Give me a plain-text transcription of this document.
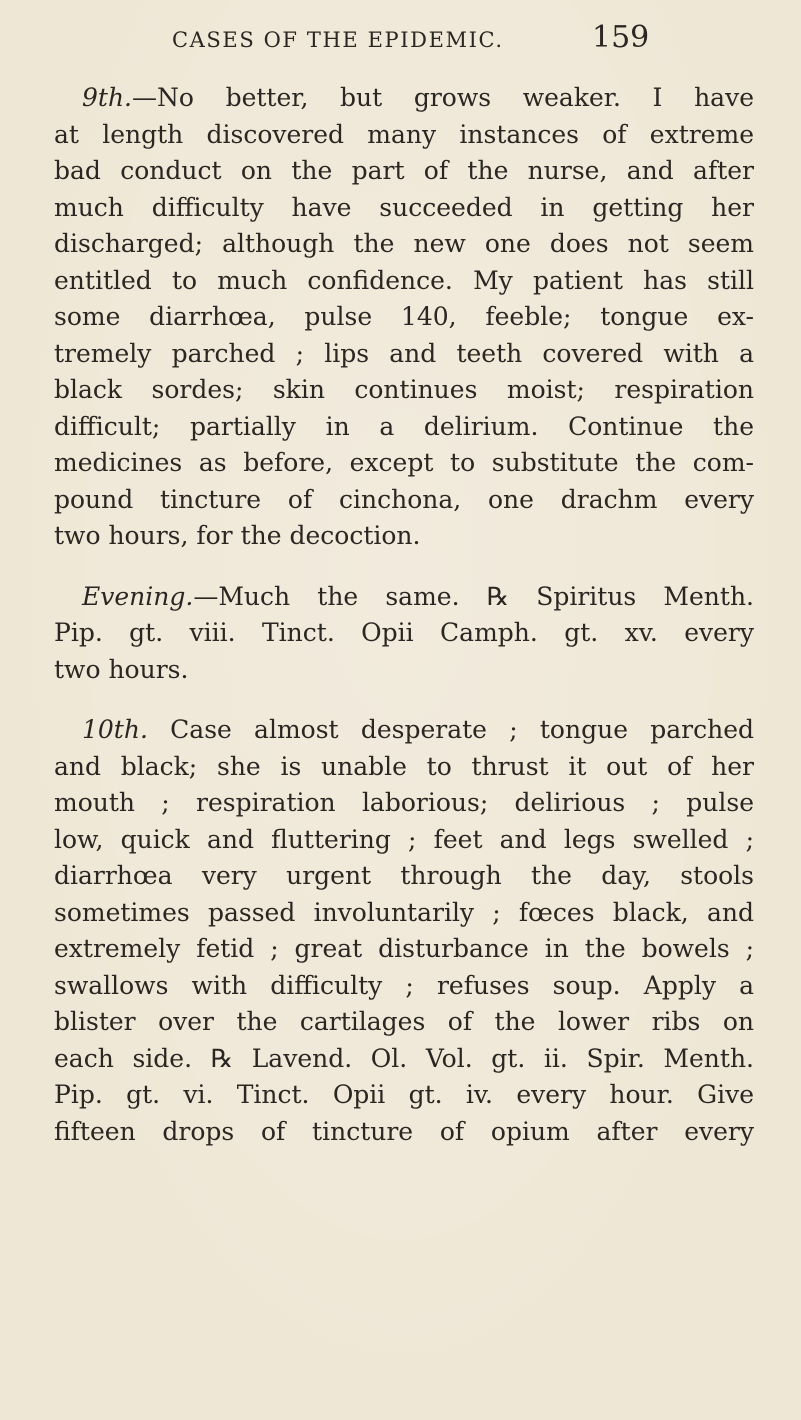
CASES OF THE EPIDEMIC.	159
9th.—No better, but grows weaker. I have
at length discovered many instances of extreme
bad conduct on the part of the nurse, and after
much difficulty have succeeded in getting her
discharged; although the new one does not seem
entitled to much confidence. My patient has still
some diarrhœa, pulse 140, feeble; tongue ex-
tremely parched ; lips and teeth covered with a
black sordes; skin continues moist; respiration
difficult; partially in a delirium. Continue the
medicines as before, except to substitute the com-
pound tincture of cinchona, one drachm every
two hours, for the decoction.
Evening.—Much the same. ℞ Spiritus Menth.
Pip. gt. viii. Tinct. Opii Camph. gt. xv. every
two hours.
10th. Case almost desperate ; tongue parched
and black; she is unable to thrust it out of her
mouth ; respiration laborious; delirious ; pulse
low, quick and fluttering ; feet and legs swelled ;
diarrhœa very urgent through the day, stools
sometimes passed involuntarily ; fœces black, and
extremely fetid ; great disturbance in the bowels ;
swallows with difficulty ; refuses soup. Apply a
blister over the cartilages of the lower ribs on
each side. ℞ Lavend. Ol. Vol. gt. ii. Spir. Menth.
Pip. gt. vi. Tinct. Opii gt. iv. every hour. Give
fifteen drops of tincture of opium after every
